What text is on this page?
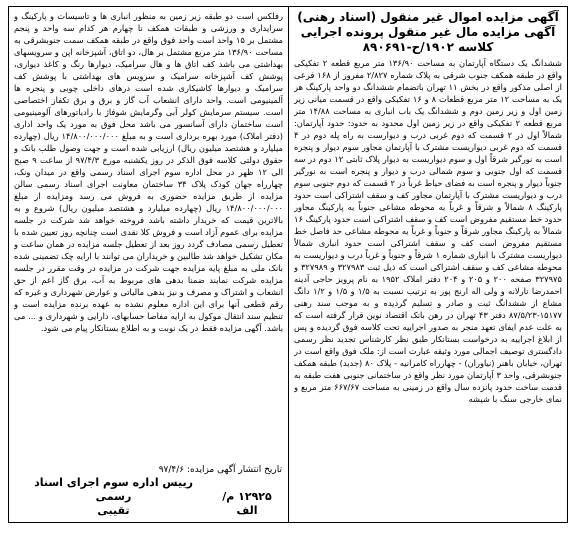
آگهی مزایده اموال غیر منقول (اسناد رهنی)
آگهی مزایده مال غیر منقول پرونده اجرایی
کلاسه ۱۹۰۲/ح-۸۹۰۶۹۱
ششدانگ یک دستگاه آپارتمان به مساحت ۱۳۶/۹۰ متر مربع قطعه ۲ تفکیکی واقع در طبقه همکف جنوب شرقی به پلاک شماره ۲/۸۲۷ مفروز از ۱۶۸ فرعی از اصلی مذکور واقع در بخش ۱۱ تهران باتضمام ششدانگ دو واحد پارکینگ هر یک به مساحت ۱۲ متر مربع قطعات ۸ و ۱۶ تفکیکی واقع در قسمت میانی زیر زمین اول و زیر زمین دوم و ششدانگ یک باب انباری به مساحت ۱۴/۸۸ متر مربع قطعه ۲ تفکیکی واقع در زیر زمین اول محدود به حدود: حدود آپارتمان: شمالاً اول در ۲ قسمت که دوم غربی درب و دیوارست به راه پله دوم در ۴ قسمت که دوم غربی دیواریست مشترک با آپارتمان مجاور سوم دیوار و پنجره است به نورگیر شرقاً اول و سوم دیواریست به دیوار پلاک ثابتی ۱۲ دوم در سه قسمت که اول جنوبی و سوم شمالی درب و دیوار و پنجره است به نورگیر جنوباً دیوار و پنجره است به فضای حیاط غرباً در ۲ قسمت که دوم جنوبی سوم درب و دیواریست مشترک با آپارتمان مجاور کف و سقف اشتراکی است حدود پارکینگ ۸ شمالاً و شرقاً و غرباً به محوطه مشاعی جنوباً به پارکینگ مجاور حدود خط مستقیم مفروض است کف و سقف اشتراکی است حدود پارکینگ ۱۶ شمالاً به پارکینگ مجاور شرقاً و جنوباً و غرباً به محوطه مشاعی حد فاصل خط مستقیم مفروض است کف و سقف اشتراکی است حدود انباری شمالاً دیواریست مشترک با انباری شماره ۱ شرقاً و جنوباً و غرباً درب و دیواریست به محوطه مشاعی کف و سقف اشتراکی است که ذیل ثبت ۳۲۷۹۸۳ و ۳۲۷۹۸۹ و ۳۲۷۹۷۵ صفحه ۲۰۰ و ۲۰۵ و ۲۰۴ دفتر املاک ۱۹۵۲ به نام پرویز حاجی آدینه احمدرضا تارلانه و ولی اله ارنج پور به ترتیب نسبت به ۱/۵ و ۱/۵ و ۱/۲ دانگ مشاع از ششدانگ ثبت و صادر و تسلیم گردیده و به موجب سند رهنی ۱۵۱۷۷-۸۷/۵/۲۳ دفتر ۴۳ تهران در رهن بانک اقتصاد نوین قرار گرفته است که به علت عدم ایفای تعهد منجر به صدور اجراییه تحت کلاسه فوق گردیده و پس از ابلاغ اجراییه به درخواست بستانکار طبق نظر کارشناس تجدید نظر رسمی دادگستری توصیف اجمالی مورد وثیقه عبارت است از: ملک فوق واقع است در تهران، خیابان باهنر (نیاوران) - چهارراه کامرانیه - پلاک ۸۰ (جدید) طبقه همکف جنوبشرقی، واحد ۳ آپارتمان مورد نظر واقع در ساختمانی جنوبی هفت طبقه به قدمت ساخت حدود پانزده سال واقع در زمینی به مساحت ۶۶۷/۶۷ متر مربع و نمای خارجی سنگ با شیشه
رفلکس است دو طبقه زیر زمین به منظور انباری ها و تاسیسات و پارکینگ و سرایداری و ورزشی و طبقات همکف تا چهارم هر کدام سه واحد و پنجم مشتمل بر ۱۵ واحد است واحد فوق واقع در طبقه همکف سمت جنوبشرقی به مساحت ۱۳۶/۹۰ متر مربع مشتمل بر هال، دو اتاق، آشپزخانه اپن و سرویسهای بهداشتی می باشد کف اتاق ها و هال سرامیک، دیوارها رنگ و کاغذ دیواری، پوشش کف آشپزخانه سرامیک و سرویس های بهداشتی با پوشش کف سرامیک و دیوارها کاشیکاری شده است درهای داخلی چوبی و پنجره ها آلمینیومی است. واحد دارای انشعاب آب گاز و برق و برق تکفاز اختصاصی است. سیستم سرمایش کولر آبی وگرمایش شوفاژ با رادیاتورهای آلومینیومی است ساختمان دارای آسانسور می باشد محل فوق به مورد یک واحد اداری (دفتر املاک) مورد بهره برداری است و به مبلغ ۱۴/۸۰۰/۰۰۰/۰۰۰ ریال (چهارده میلیارد و هشتصد میلیون ریال) ارزیابی شده است و جهت وصول طلب بانک و حقوق دولتی کلاسه فوق الذکر در روز یکشنبه مورخ ۹۷/۴/۳ از ساعت ۹ صبح الی ۱۲ ظهر در محل اداره سوم اجرای اسناد رسمی واقع در میدان ونک، چهارراه جهان کودک پلاک ۳۴ ساختمان معاونت اجرای اسناد رسمی سالن مزایده از طریق مزایده حضوری به فروش می رسد ومزایده از مبلغ ۱۴/۸۰۰/۰۰۰/۰۰۰ ریال (چهارده میلیارد و هشتصد میلیون ریال) شروع و به بالاترین قیمت که خریدار داشته باشد فروخته خواهد شد شرکت در جلسه مزایده برای عموم آزاد است و فروش کلا نقدی است چنانچه روز تعیین شده با تعطیل رسمی مصادف گردد روز بعد از تعطیل جلسه مزایده در همان ساعت و مکان تشکیل خواهد شد طالبین و خریداران می توانند با ارایه چک تضمینی شده بانک ملی به مبلغ پایه مزایده جهت شرکت در مزایده در وقت مقرر در جلسه مزایده شرکت نمایند ضمنا بدهی های مربوط به آب، برق گاز اعم از حق انشعاب و اشتراک و مصرف و نیز بدهی مالیاتی و عوارض شهرداری و غیره که رقم قطعی آنها برای این اداره معلوم نشده به عهده برنده مزایده است و تنظیم سند انتقال موکول به ارایه مفاصا حسابهای، دارایی و شهرداری و ... می باشد. آگهی مزایده فقط در یک نوبت و به اطلاع بستانکار پیام می شود.
تاریخ انتشار آگهی مزایده: ۹۷/۴/۶
۱۲۹۲۵ م/الف
رییس اداره سوم اجرای اسناد رسمی
تقیبی
